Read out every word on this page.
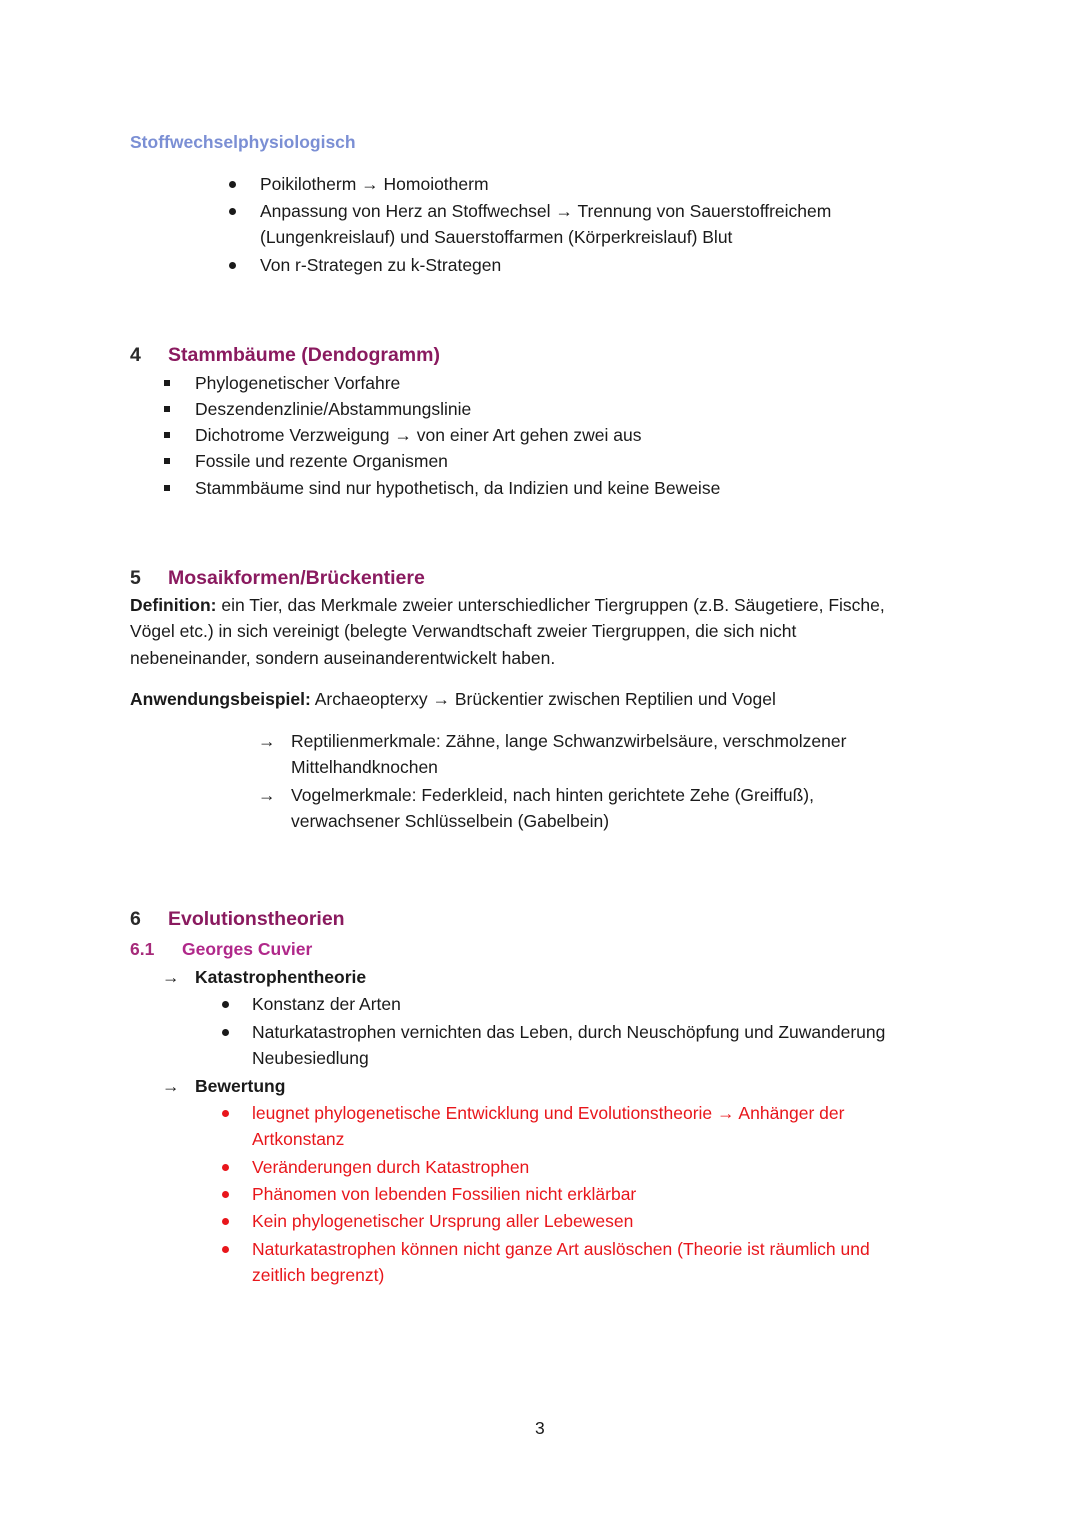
Stoffwechselphysiologisch
Poikilotherm → Homoiotherm
Anpassung von Herz an Stoffwechsel → Trennung von Sauerstoffreichem
(Lungenkreislauf) und Sauerstoffarmen (Körperkreislauf) Blut
Von r-Strategen zu k-Strategen
4 Stammbäume (Dendogramm)
Phylogenetischer Vorfahre
Deszendenzlinie/Abstammungslinie
Dichotrome Verzweigung → von einer Art gehen zwei aus
Fossile und rezente Organismen
Stammbäume sind nur hypothetisch, da Indizien und keine Beweise
5 Mosaikformen/Brückentiere
Definition: ein Tier, das Merkmale zweier unterschiedlicher Tiergruppen (z.B. Säugetiere, Fische,
Vögel etc.) in sich vereinigt (belegte Verwandtschaft zweier Tiergruppen, die sich nicht
nebeneinander, sondern auseinanderentwickelt haben.
Anwendungsbeispiel: Archaeopterxy → Brückentier zwischen Reptilien und Vogel
→ Reptilienmerkmale: Zähne, lange Schwanzwirbelsäure, verschmolzener
Mittelhandknochen
→ Vogelmerkmale: Federkleid, nach hinten gerichtete Zehe (Greiffuß),
verwachsener Schlüsselbein (Gabelbein)
6 Evolutionstheorien
6.1 Georges Cuvier
→ Katastrophentheorie
Konstanz der Arten
Naturkatastrophen vernichten das Leben, durch Neuschöpfung und Zuwanderung
Neubesiedlung
→ Bewertung
leugnet phylogenetische Entwicklung und Evolutionstheorie → Anhänger der
Artkonstanz
Veränderungen durch Katastrophen
Phänomen von lebenden Fossilien nicht erklärbar
Kein phylogenetischer Ursprung aller Lebewesen
Naturkatastrophen können nicht ganze Art auslöschen (Theorie ist räumlich und
zeitlich begrenzt)
3
